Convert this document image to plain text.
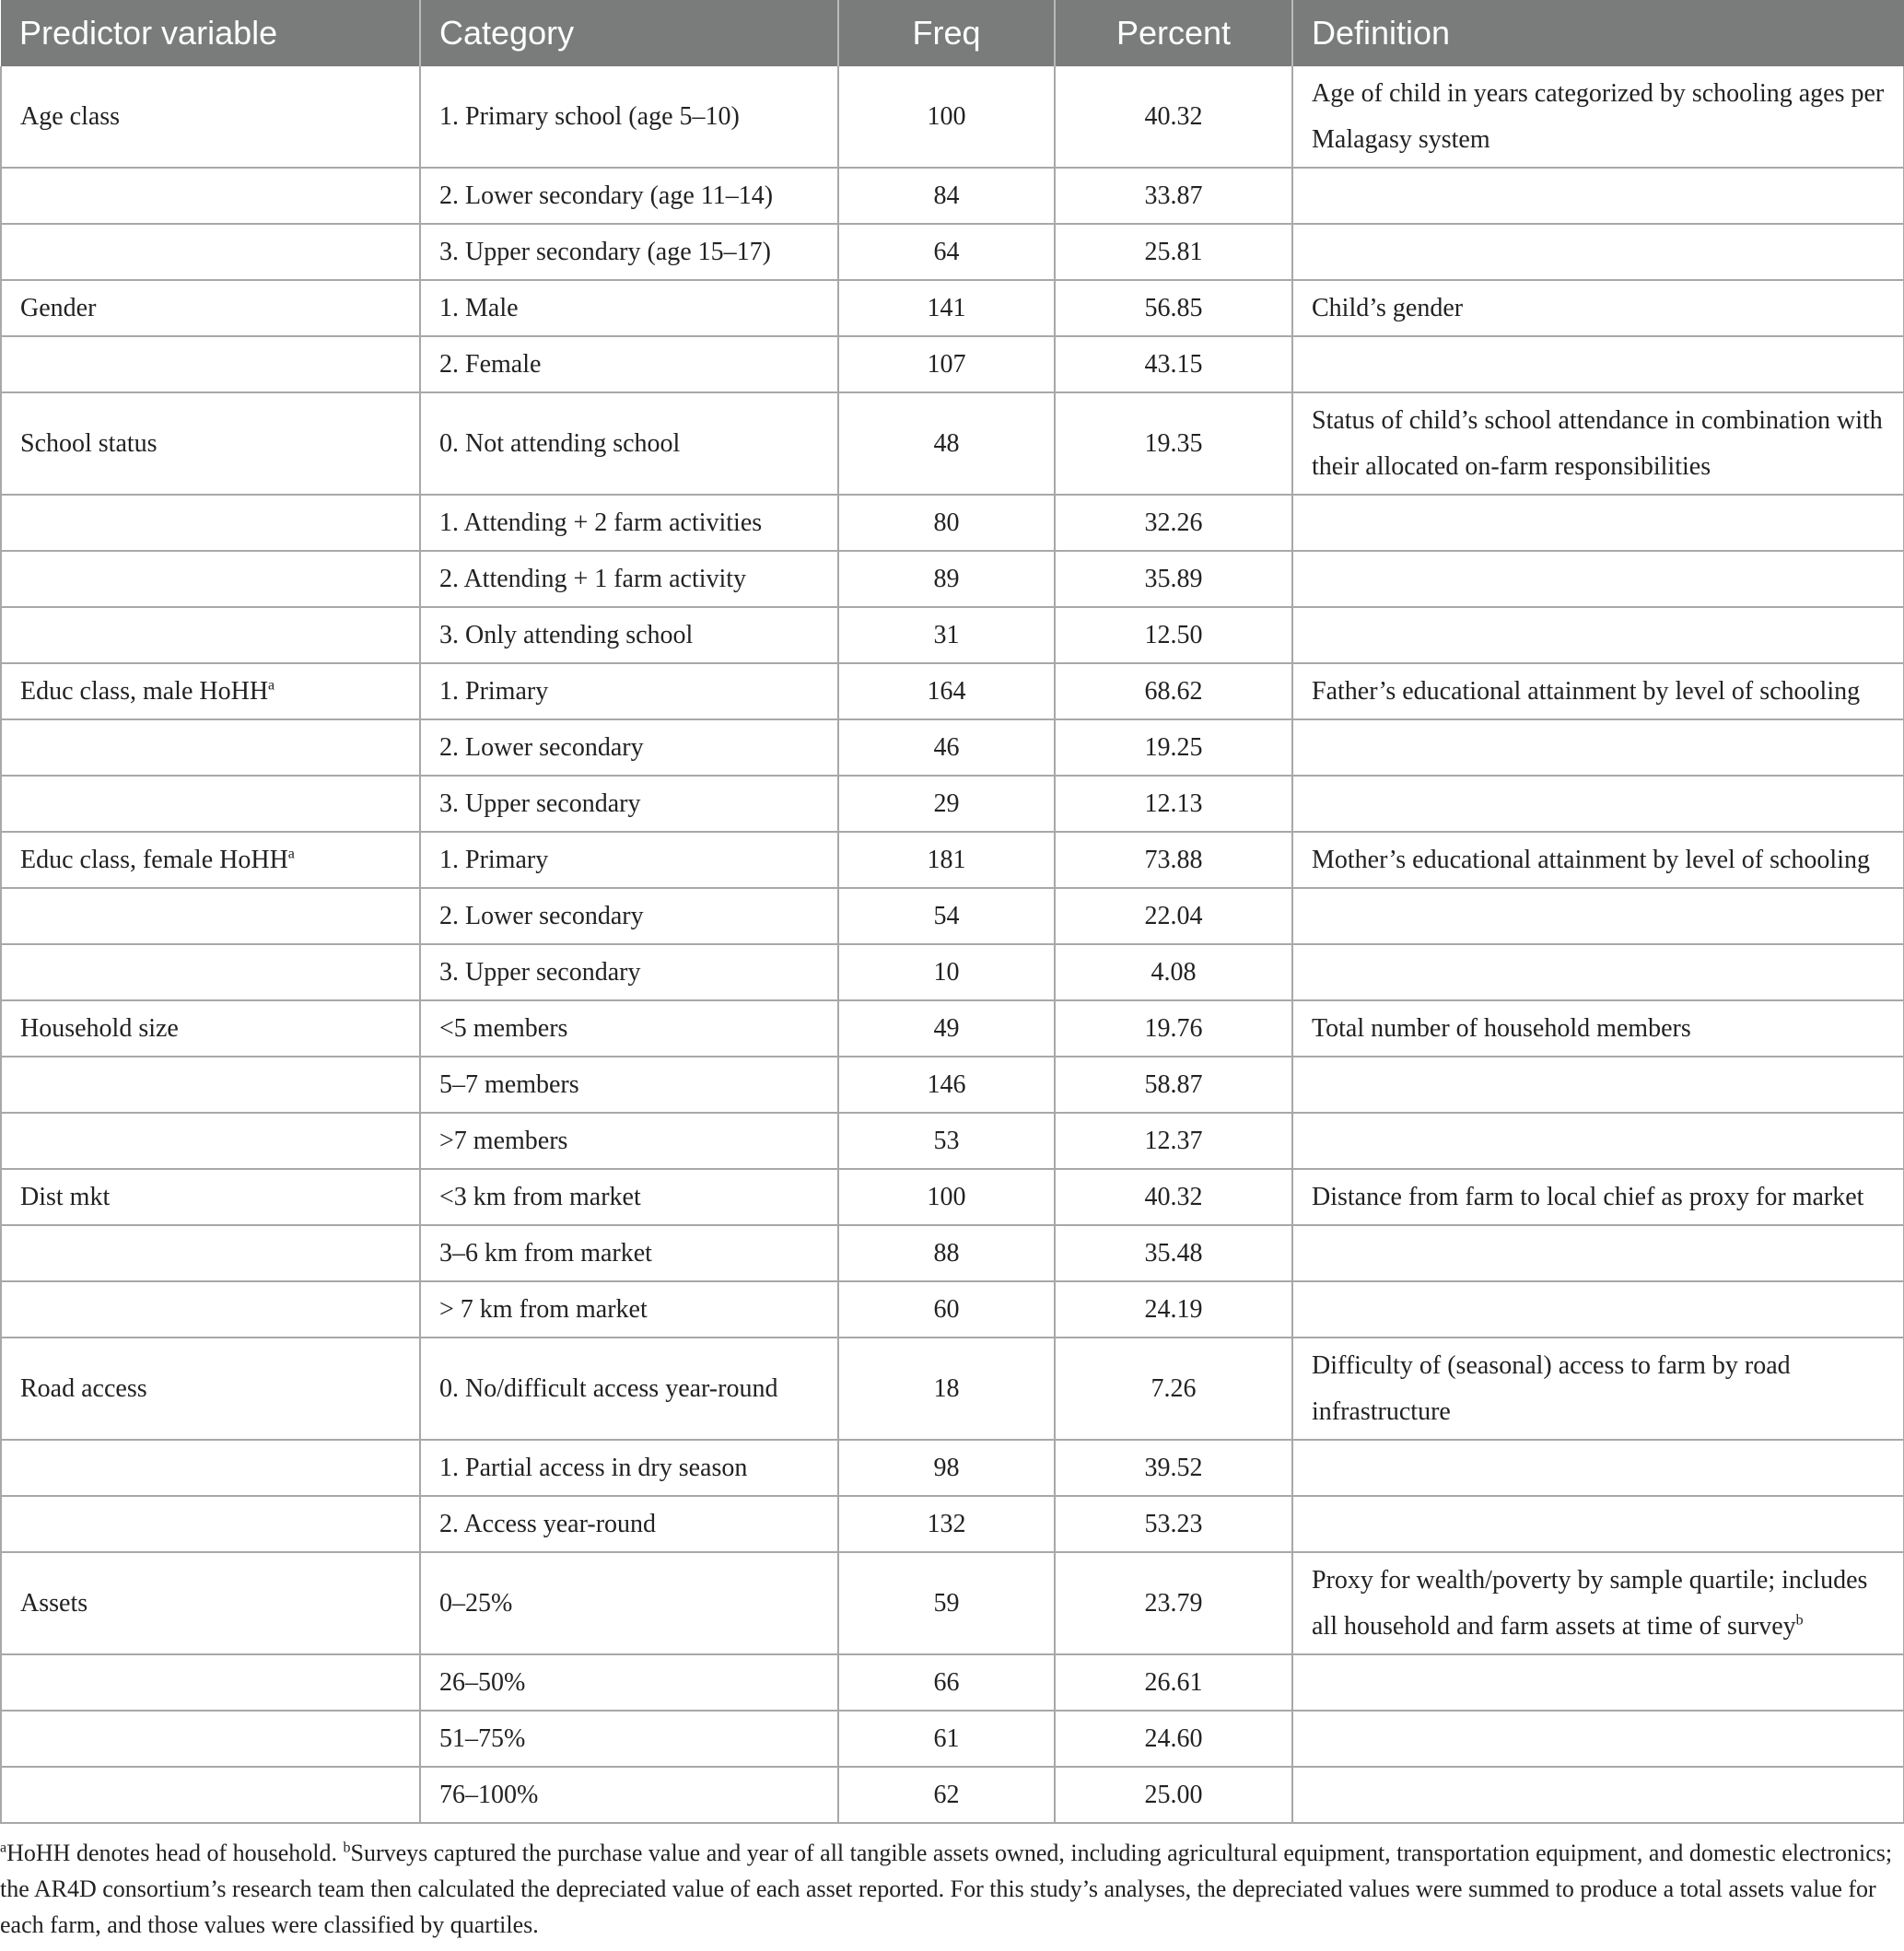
Predictor variable	Category	Freq	Percent	Definition
Age class	1. Primary school (age 5–10)	100	40.32	Age of child in years categorized by schooling ages per Malagasy system
	2. Lower secondary (age 11–14)	84	33.87	
	3. Upper secondary (age 15–17)	64	25.81	
Gender	1. Male	141	56.85	Child’s gender
	2. Female	107	43.15	
School status	0. Not attending school	48	19.35	Status of child’s school attendance in combination with their allocated on-farm responsibilities
	1. Attending + 2 farm activities	80	32.26	
	2. Attending + 1 farm activity	89	35.89	
	3. Only attending school	31	12.50	
Educ class, male HoHH$^a$	1. Primary	164	68.62	Father’s educational attainment by level of schooling
	2. Lower secondary	46	19.25	
	3. Upper secondary	29	12.13	
Educ class, female HoHH$^a$	1. Primary	181	73.88	Mother’s educational attainment by level of schooling
	2. Lower secondary	54	22.04	
	3. Upper secondary	10	4.08	
Household size	<5 members	49	19.76	Total number of household members
	5–7 members	146	58.87	
	>7 members	53	12.37	
Dist mkt	<3 km from market	100	40.32	Distance from farm to local chief as proxy for market
	3–6 km from market	88	35.48	
	> 7 km from market	60	24.19	
Road access	0. No/difficult access year-round	18	7.26	Difficulty of (seasonal) access to farm by road infrastructure
	1. Partial access in dry season	98	39.52	
	2. Access year-round	132	53.23	
Assets	0–25%	59	23.79	Proxy for wealth/poverty by sample quartile; includes all household and farm assets at time of survey$^b$
	26–50%	66	26.61	
	51–75%	61	24.60	
	76–100%	62	25.00	

$^a$HoHH denotes head of household. $^b$Surveys captured the purchase value and year of all tangible assets owned, including agricultural equipment, transportation equipment, and domestic electronics; the AR4D consortium’s research team then calculated the depreciated value of each asset reported. For this study’s analyses, the depreciated values were summed to produce a total assets value for each farm, and those values were classified by quartiles.
